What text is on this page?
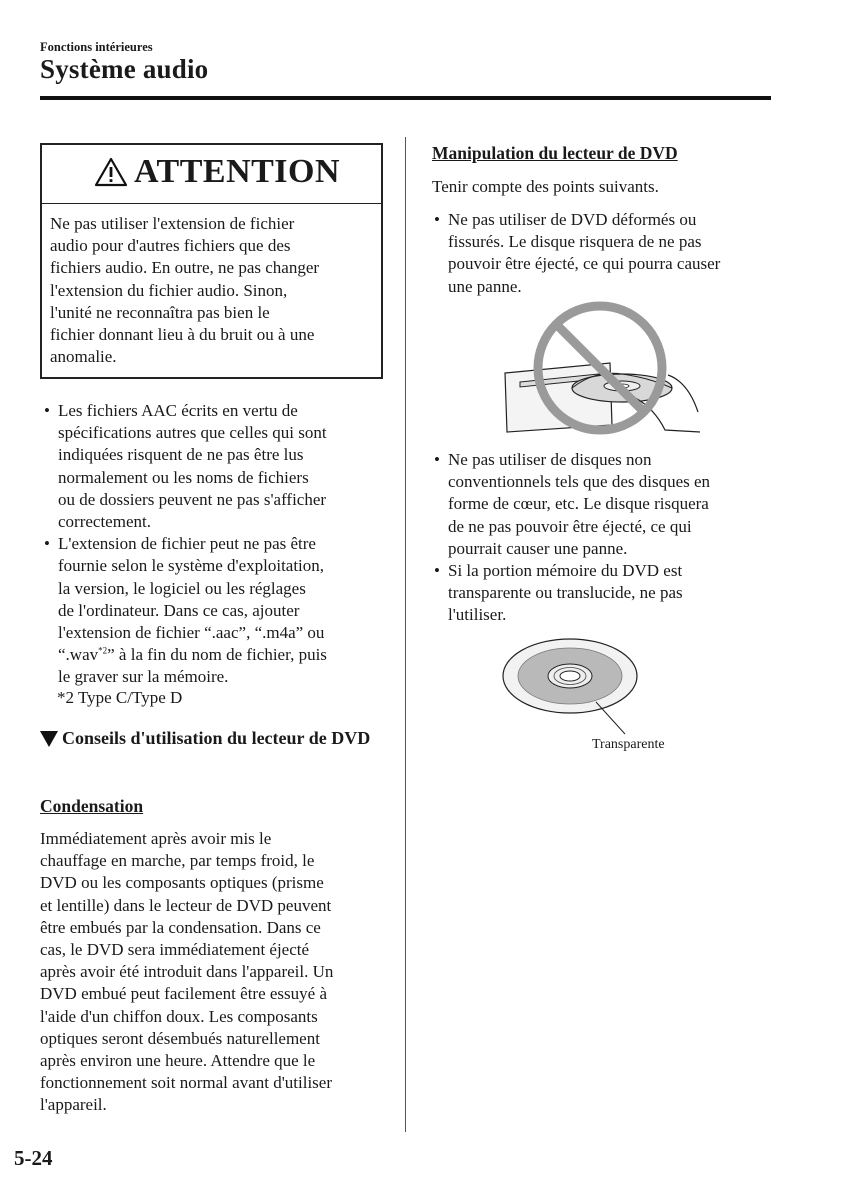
Fonctions intérieures
Système audio
ATTENTION
Ne pas utiliser l'extension de fichier
audio pour d'autres fichiers que des
fichiers audio. En outre, ne pas changer
l'extension du fichier audio. Sinon,
l'unité ne reconnaîtra pas bien le
fichier donnant lieu à du bruit ou à une
anomalie.
• Les fichiers AAC écrits en vertu de
spécifications autres que celles qui sont
indiquées risquent de ne pas être lus
normalement ou les noms de fichiers
ou de dossiers peuvent ne pas s'afficher
correctement.
• L'extension de fichier peut ne pas être
fournie selon le système d'exploitation,
la version, le logiciel ou les réglages
de l'ordinateur. Dans ce cas, ajouter
l'extension de fichier “.aac”, “.m4a” ou
“.wav$^{*2}$” à la fin du nom de fichier, puis
le graver sur la mémoire.
*2 Type C/Type D
Conseils d'utilisation du lecteur de DVD
Condensation
Immédiatement après avoir mis le
chauffage en marche, par temps froid, le
DVD ou les composants optiques (prisme
et lentille) dans le lecteur de DVD peuvent
être embués par la condensation. Dans ce
cas, le DVD sera immédiatement éjecté
après avoir été introduit dans l'appareil. Un
DVD embué peut facilement être essuyé à
l'aide d'un chiffon doux. Les composants
optiques seront désembués naturellement
après environ une heure. Attendre que le
fonctionnement soit normal avant d'utiliser
l'appareil.
Manipulation du lecteur de DVD
Tenir compte des points suivants.
• Ne pas utiliser de DVD déformés ou
fissurés. Le disque risquera de ne pas
pouvoir être éjecté, ce qui pourra causer
une panne.
• Ne pas utiliser de disques non
conventionnels tels que des disques en
forme de cœur, etc. Le disque risquera
de ne pas pouvoir être éjecté, ce qui
pourrait causer une panne.
• Si la portion mémoire du DVD est
transparente ou translucide, ne pas
l'utiliser.
Transparente
5-24
